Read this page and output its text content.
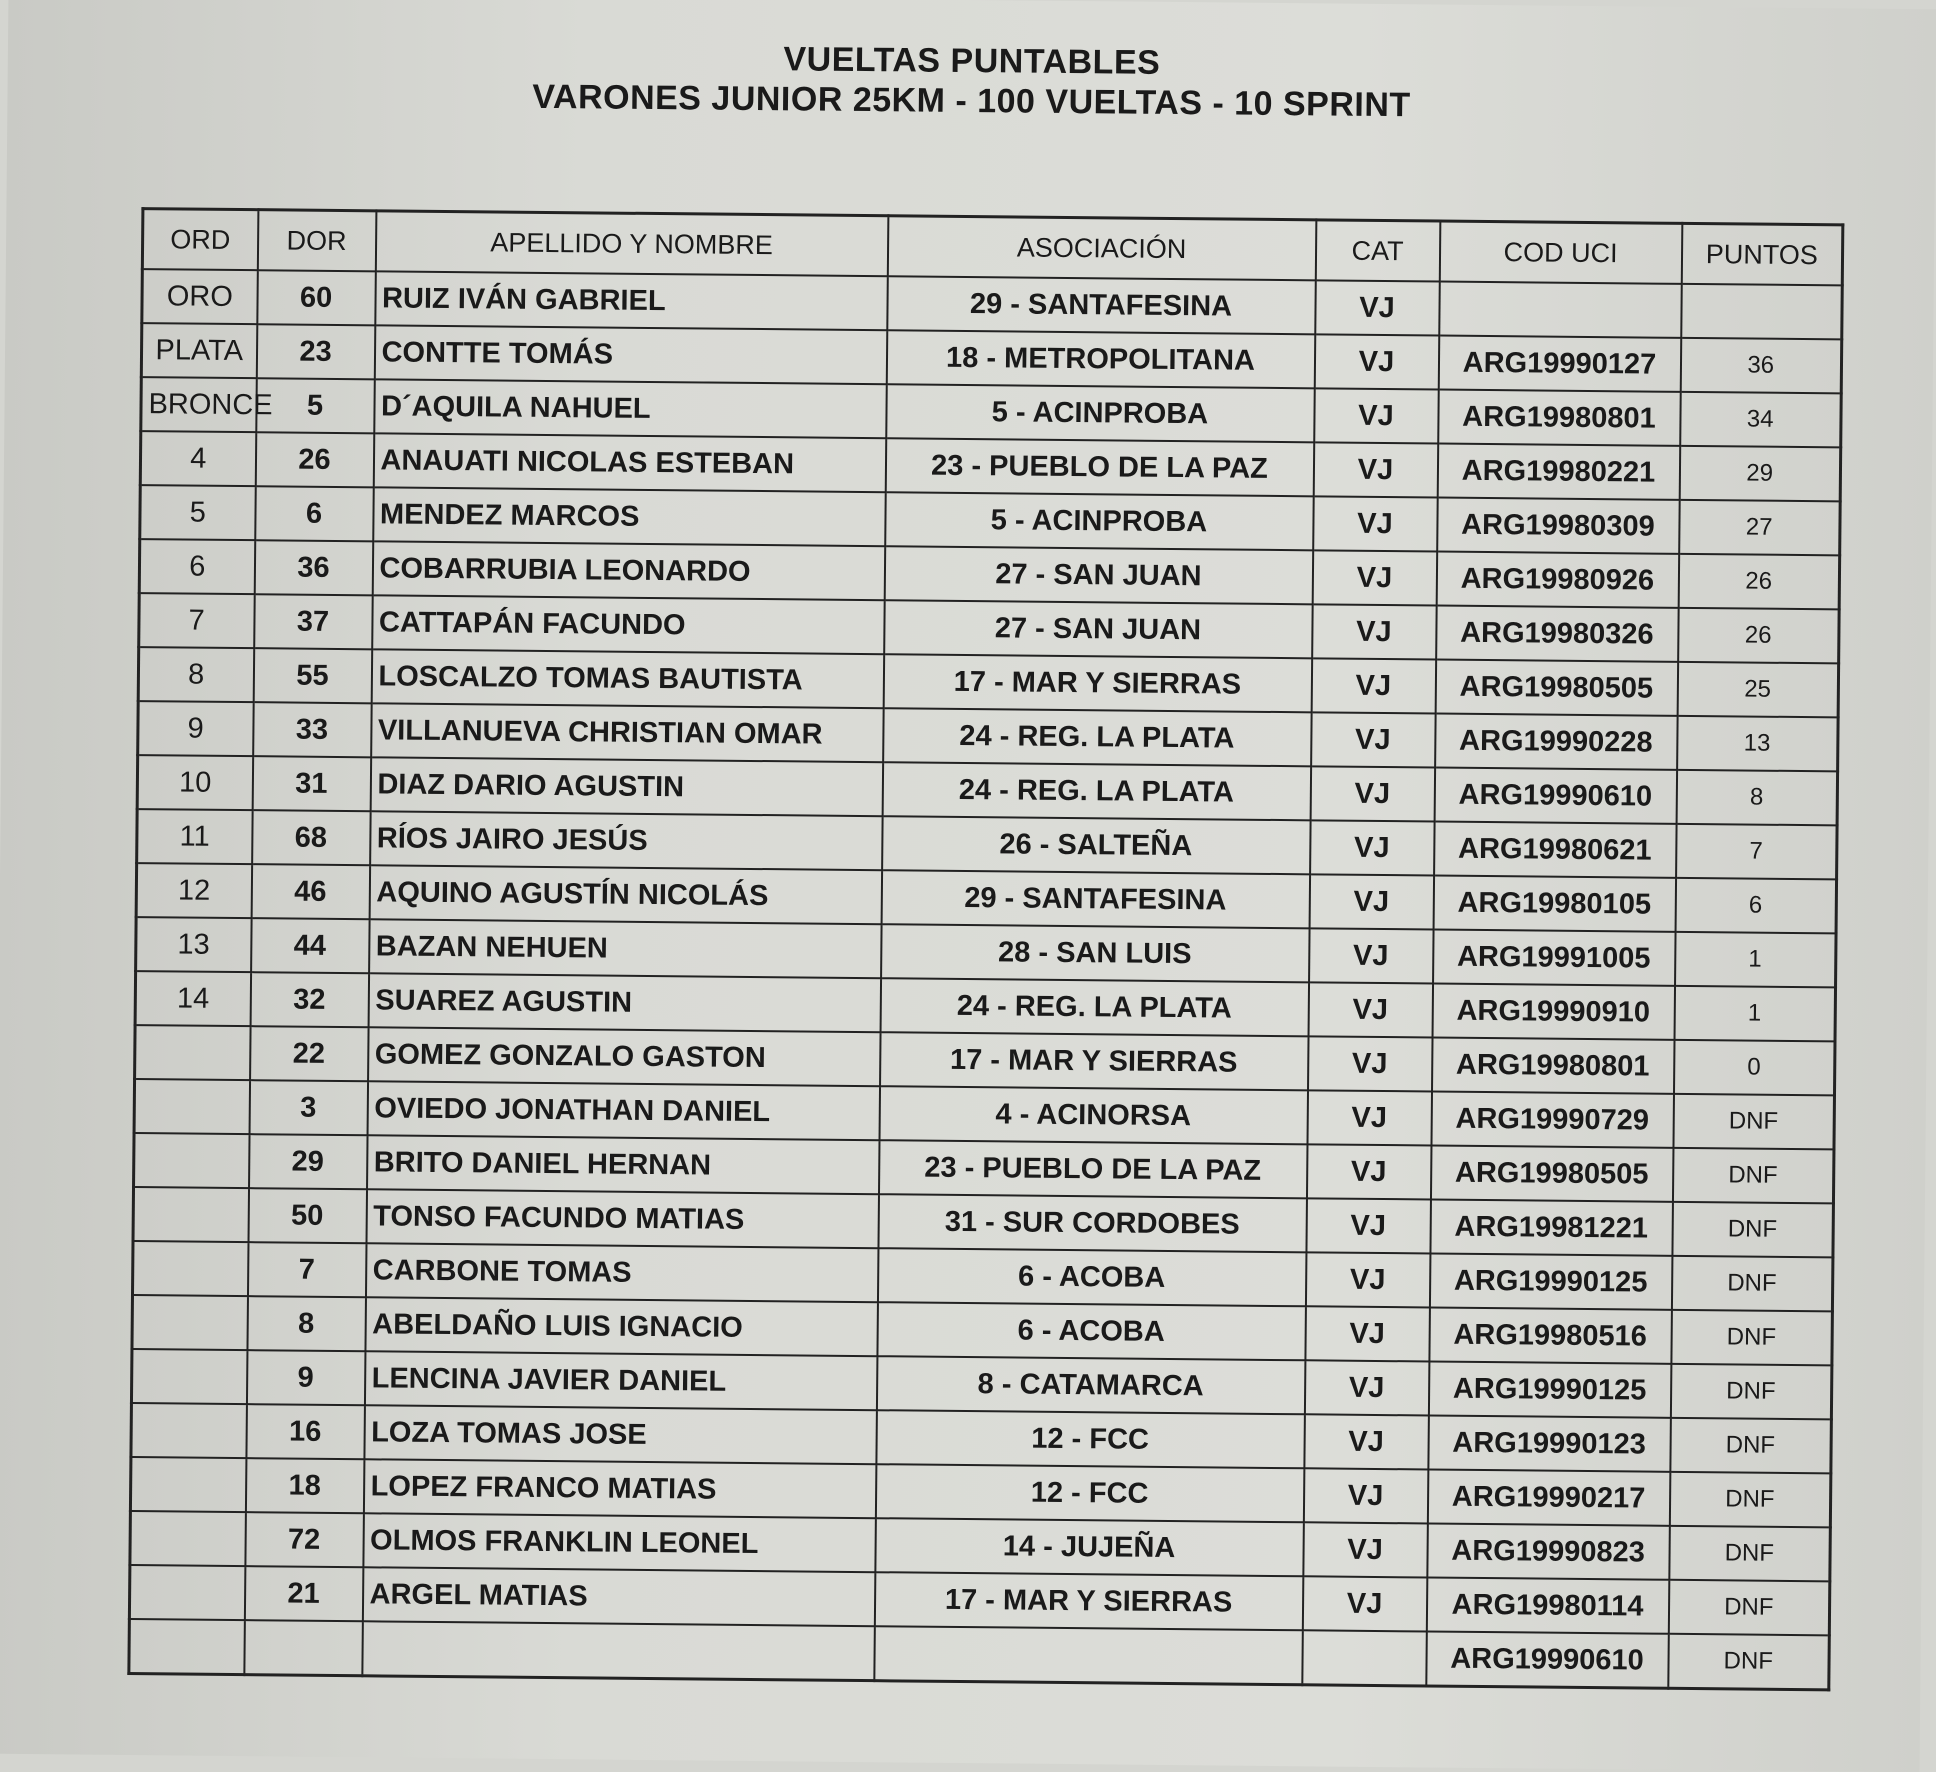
VUELTAS PUNTABLES
VARONES JUNIOR 25KM - 100 VUELTAS - 10 SPRINT
ORD	DOR	APELLIDO Y NOMBRE	ASOCIACIÓN	CAT	COD UCI	PUNTOS
ORO	60	RUIZ IVÁN GABRIEL	29 - SANTAFESINA	VJ		
PLATA	23	CONTTE TOMÁS	18 - METROPOLITANA	VJ	ARG19990127	36
BRONCE	5	D´AQUILA NAHUEL	5 - ACINPROBA	VJ	ARG19980801	34
4	26	ANAUATI NICOLAS ESTEBAN	23 - PUEBLO DE LA PAZ	VJ	ARG19980221	29
5	6	MENDEZ MARCOS	5 - ACINPROBA	VJ	ARG19980309	27
6	36	COBARRUBIA LEONARDO	27 - SAN JUAN	VJ	ARG19980926	26
7	37	CATTAPÁN FACUNDO	27 - SAN JUAN	VJ	ARG19980326	26
8	55	LOSCALZO TOMAS BAUTISTA	17 - MAR Y SIERRAS	VJ	ARG19980505	25
9	33	VILLANUEVA CHRISTIAN OMAR	24 - REG. LA PLATA	VJ	ARG19990228	13
10	31	DIAZ DARIO AGUSTIN	24 - REG. LA PLATA	VJ	ARG19990610	8
11	68	RÍOS JAIRO JESÚS	26 - SALTEÑA	VJ	ARG19980621	7
12	46	AQUINO AGUSTÍN NICOLÁS	29 - SANTAFESINA	VJ	ARG19980105	6
13	44	BAZAN NEHUEN	28 - SAN LUIS	VJ	ARG19991005	1
14	32	SUAREZ AGUSTIN	24 - REG. LA PLATA	VJ	ARG19990910	1
	22	GOMEZ GONZALO GASTON	17 - MAR Y SIERRAS	VJ	ARG19980801	0
	3	OVIEDO JONATHAN DANIEL	4 - ACINORSA	VJ	ARG19990729	DNF
	29	BRITO DANIEL HERNAN	23 - PUEBLO DE LA PAZ	VJ	ARG19980505	DNF
	50	TONSO FACUNDO MATIAS	31 - SUR CORDOBES	VJ	ARG19981221	DNF
	7	CARBONE TOMAS	6 - ACOBA	VJ	ARG19990125	DNF
	8	ABELDAÑO LUIS IGNACIO	6 - ACOBA	VJ	ARG19980516	DNF
	9	LENCINA JAVIER DANIEL	8 - CATAMARCA	VJ	ARG19990125	DNF
	16	LOZA TOMAS JOSE	12 - FCC	VJ	ARG19990123	DNF
	18	LOPEZ FRANCO MATIAS	12 - FCC	VJ	ARG19990217	DNF
	72	OLMOS FRANKLIN LEONEL	14 - JUJEÑA	VJ	ARG19990823	DNF
	21	ARGEL MATIAS	17 - MAR Y SIERRAS	VJ	ARG19980114	DNF
					ARG19990610	DNF
